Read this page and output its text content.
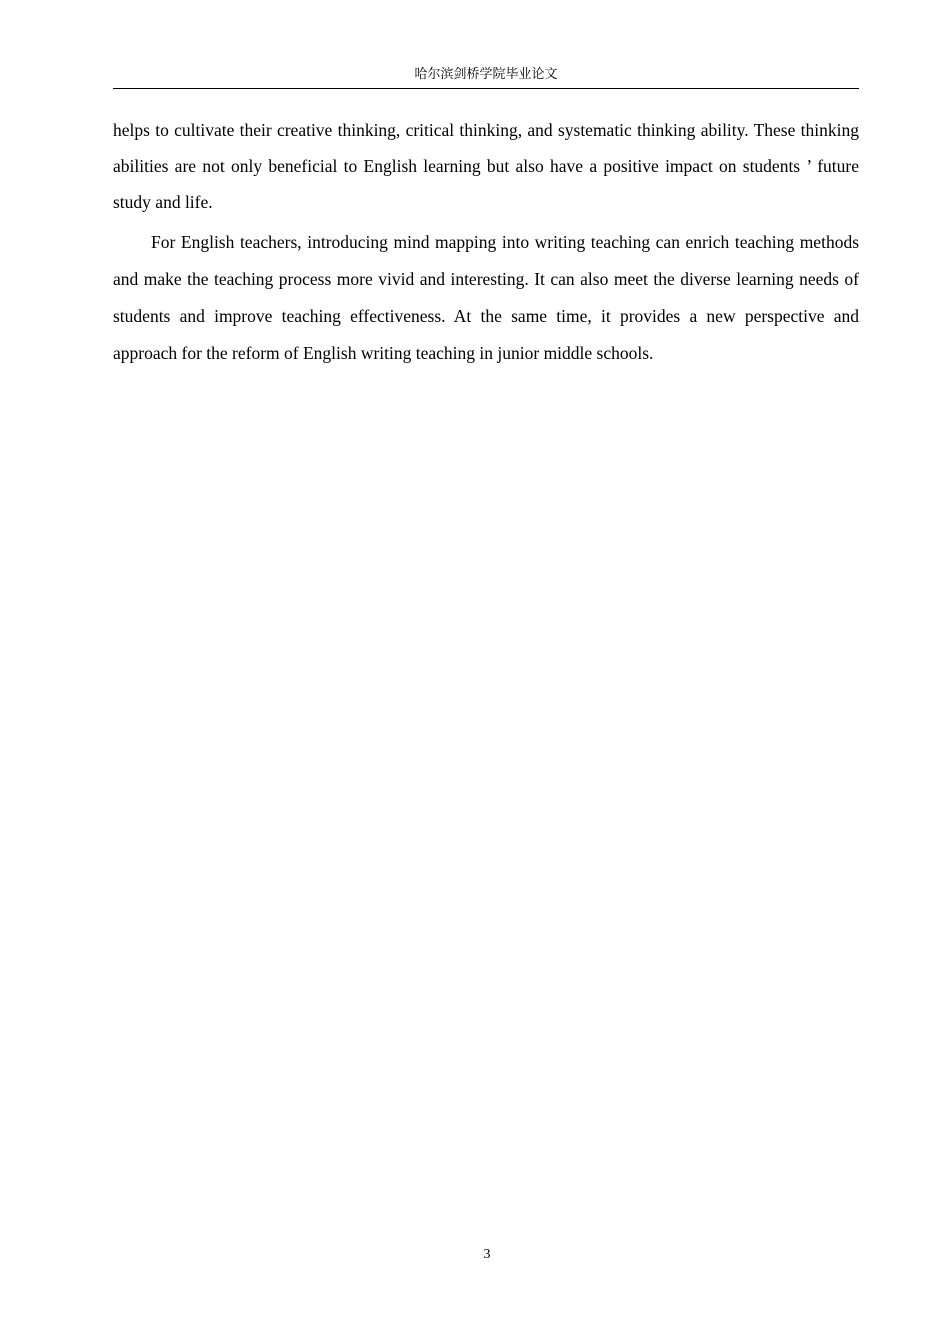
哈尔滨剑桥学院毕业论文

helps to cultivate their creative thinking, critical thinking, and systematic thinking ability. These thinking abilities are not only beneficial to English learning but also have a positive impact on students ’ future study and life.

For English teachers, introducing mind mapping into writing teaching can enrich teaching methods and make the teaching process more vivid and interesting. It can also meet the diverse learning needs of students and improve teaching effectiveness. At the same time, it provides a new perspective and approach for the reform of English writing teaching in junior middle schools.

3
